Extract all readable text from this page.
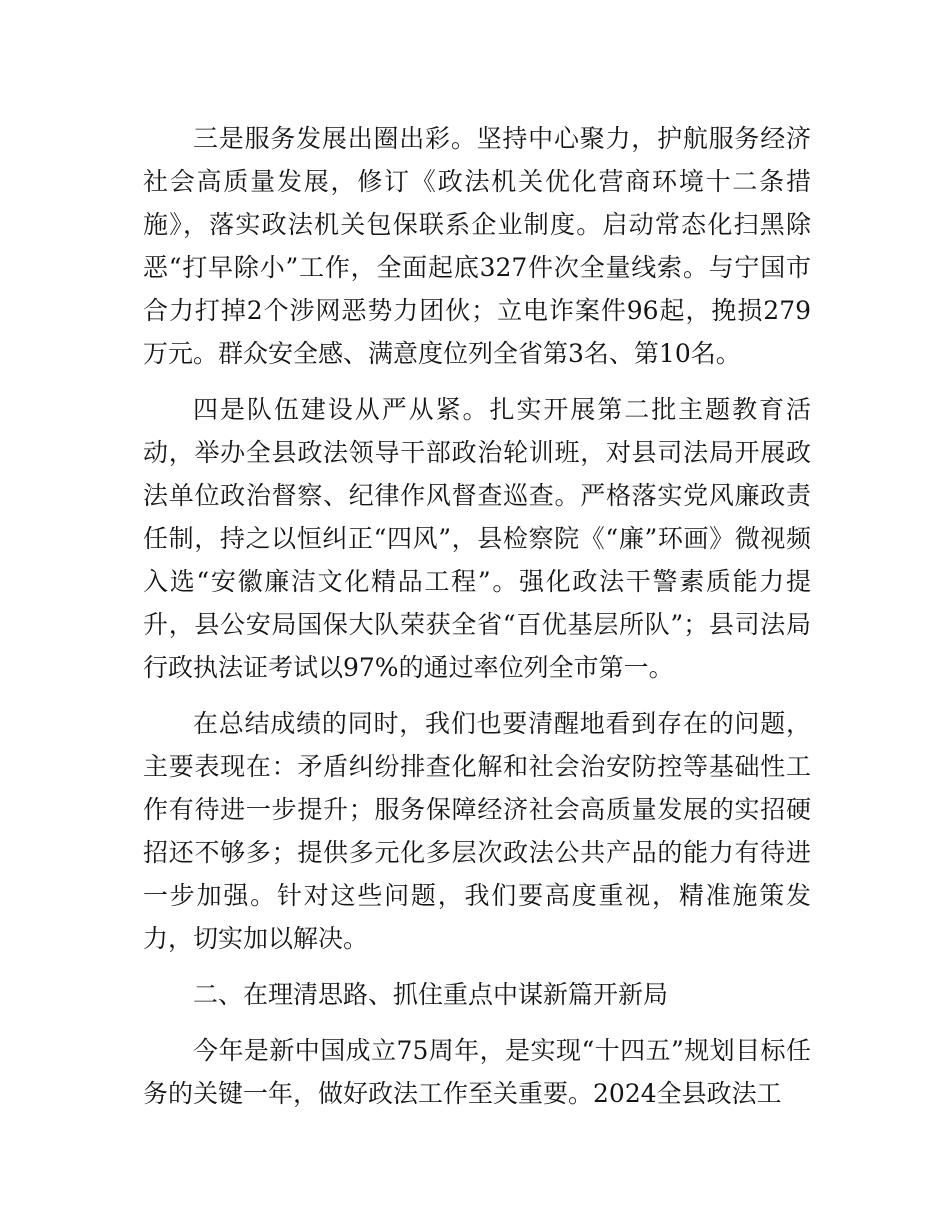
三是服务发展出圈出彩。坚持中心聚力，护航服务经济社会高质量发展，修订《政法机关优化营商环境十二条措施》，落实政法机关包保联系企业制度。启动常态化扫黑除恶“打早除小”工作，全面起底327件次全量线索。与宁国市合力打掉2个涉网恶势力团伙；立电诈案件96起，挽损279万元。群众安全感、满意度位列全省第3名、第10名。

四是队伍建设从严从紧。扎实开展第二批主题教育活动，举办全县政法领导干部政治轮训班，对县司法局开展政法单位政治督察、纪律作风督查巡查。严格落实党风廉政责任制，持之以恒纠正“四风”，县检察院《“廉”环画》微视频入选“安徽廉洁文化精品工程”。强化政法干警素质能力提升，县公安局国保大队荣获全省“百优基层所队”；县司法局行政执法证考试以97%的通过率位列全市第一。

在总结成绩的同时，我们也要清醒地看到存在的问题，主要表现在：矛盾纠纷排查化解和社会治安防控等基础性工作有待进一步提升；服务保障经济社会高质量发展的实招硬招还不够多；提供多元化多层次政法公共产品的能力有待进一步加强。针对这些问题，我们要高度重视，精准施策发力，切实加以解决。

二、在理清思路、抓住重点中谋新篇开新局

今年是新中国成立75周年，是实现“十四五”规划目标任务的关键一年，做好政法工作至关重要。2024全县政法工
